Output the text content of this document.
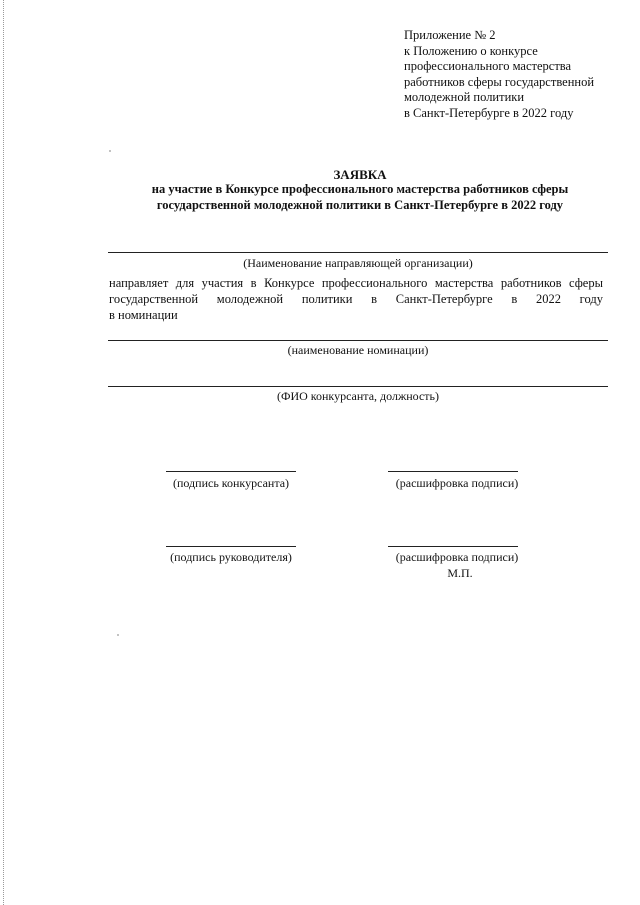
Приложение № 2
к Положению о конкурсе
профессионального мастерства
работников сферы государственной
молодежной политики
в Санкт-Петербурге в 2022 году
ЗАЯВКА
на участие в Конкурсе профессионального мастерства работников сферы
государственной молодежной политики в Санкт-Петербурге в 2022 году
(Наименование направляющей организации)
направляет для участия в Конкурсе профессионального мастерства работников сферы
государственной молодежной политики в Санкт-Петербурге в 2022 году
в номинации
(наименование номинации)
(ФИО конкурсанта, должность)
(подпись конкурсанта)	(расшифровка подписи)
(подпись руководителя)	(расшифровка подписи)
М.П.
